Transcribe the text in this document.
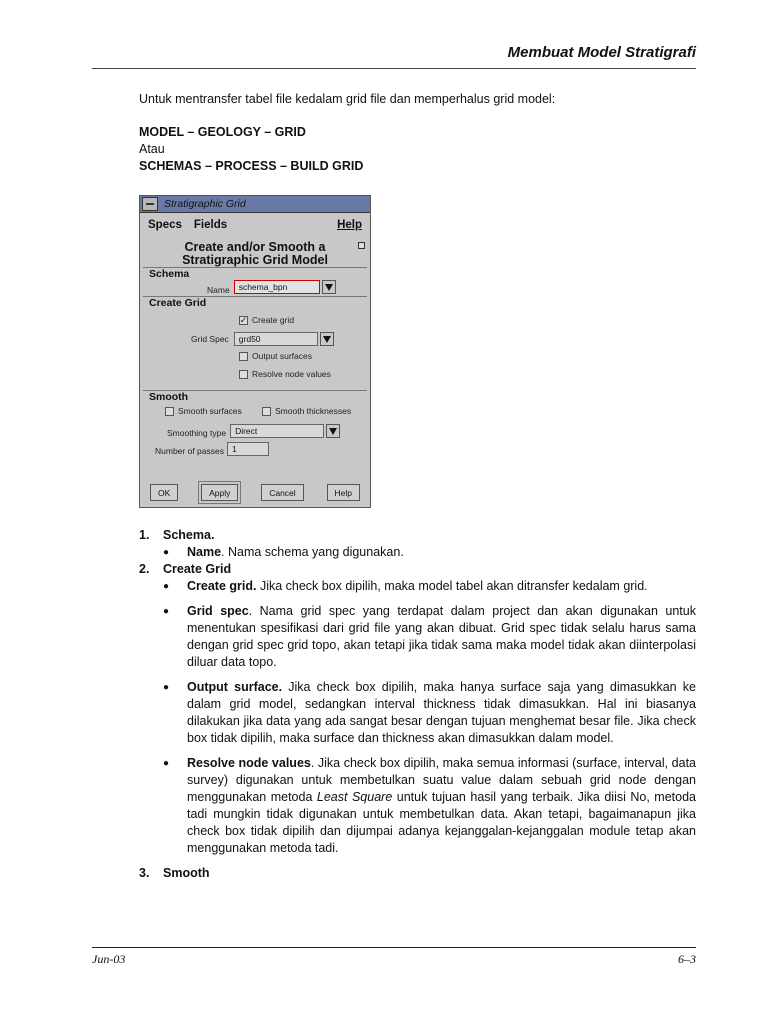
Membuat Model Stratigrafi

Untuk mentransfer tabel file kedalam grid file dan memperhalus grid model:

MODEL – GEOLOGY – GRID

Atau

SCHEMAS – PROCESS – BUILD GRID

Stratigraphic Grid
Specs Fields	Help
Create and/or Smooth a
Stratigraphic Grid Model
Schema
Name	schema_bpn
Create Grid
✓ Create grid
Grid Spec	grd50
Output surfaces
Resolve node values
Smooth
Smooth surfaces	Smooth thicknesses
Smoothing type	Direct
Number of passes 1
OK	Apply	Cancel	Help
1.	Schema.
●	Name. Nama schema yang digunakan.
2.	Create Grid
●	Create grid. Jika check box dipilih, maka model tabel akan ditransfer kedalam grid.
●	Grid spec. Nama grid spec yang terdapat dalam project dan akan digunakan untuk menentukan spesifikasi dari grid file yang akan dibuat. Grid spec tidak selalu harus sama dengan grid spec grid topo, akan tetapi jika tidak sama maka model tidak akan diinterpolasi diluar data topo.
●	Output surface. Jika check box dipilih, maka hanya surface saja yang dimasukkan ke dalam grid model, sedangkan interval thickness tidak dimasukkan. Hal ini biasanya dilakukan jika data yang ada sangat besar dengan tujuan menghemat besar file. Jika check box tidak dipilih, maka surface dan thickness akan dimasukkan dalam model.
●	Resolve node values. Jika check box dipilih, maka semua informasi (surface, interval, data survey) digunakan untuk membetulkan suatu value dalam sebuah grid node dengan menggunakan metoda Least Square untuk tujuan hasil yang terbaik. Jika diisi No, metoda tadi mungkin tidak digunakan untuk membetulkan data. Akan tetapi, bagaimanapun jika check box tidak dipilih dan dijumpai adanya kejanggalan-kejanggalan module tetap akan menggunakan metoda tadi.
3.	Smooth
Jun-03	6–3
